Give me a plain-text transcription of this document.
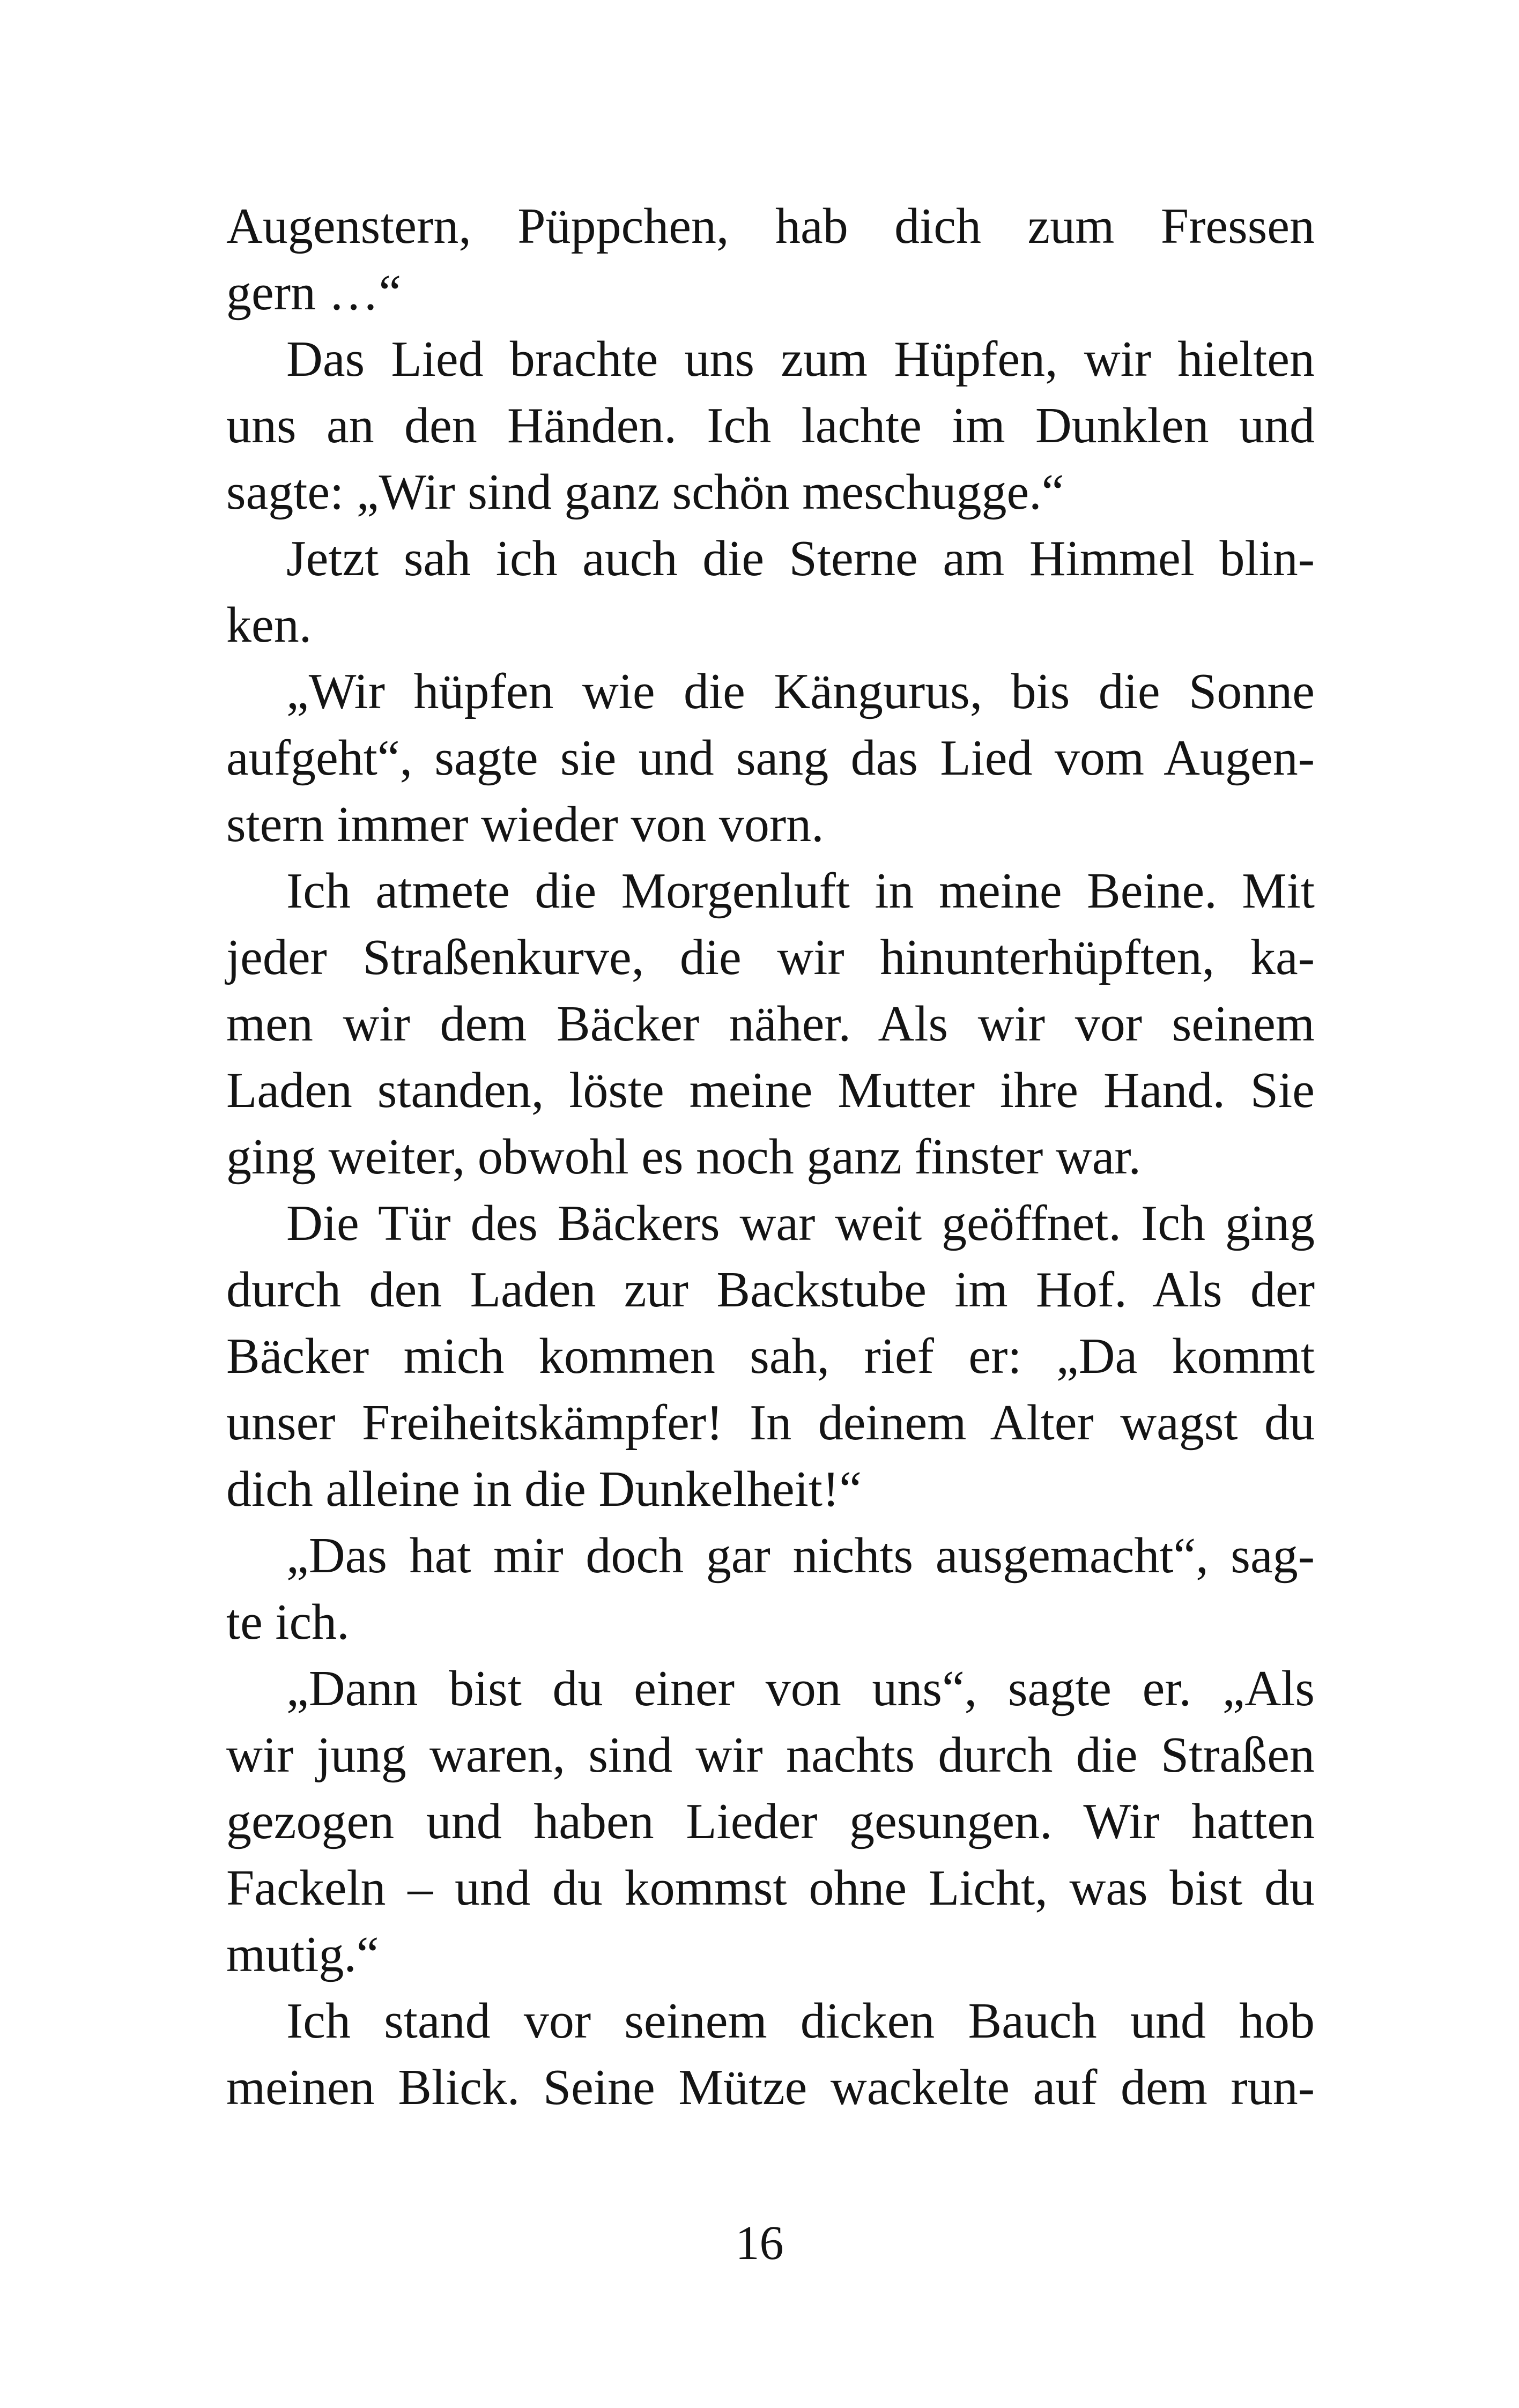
Augenstern, Püppchen, hab dich zum Fressen
gern …“
Das Lied brachte uns zum Hüpfen, wir hielten
uns an den Händen. Ich lachte im Dunklen und
sagte: „Wir sind ganz schön meschugge.“
Jetzt sah ich auch die Sterne am Himmel blin-
ken.
„Wir hüpfen wie die Kängurus, bis die Sonne
aufgeht“, sagte sie und sang das Lied vom Augen-
stern immer wieder von vorn.
Ich atmete die Morgenluft in meine Beine. Mit
jeder Straßenkurve, die wir hinunterhüpften, ka-
men wir dem Bäcker näher. Als wir vor seinem
Laden standen, löste meine Mutter ihre Hand. Sie
ging weiter, obwohl es noch ganz finster war.
Die Tür des Bäckers war weit geöffnet. Ich ging
durch den Laden zur Backstube im Hof. Als der
Bäcker mich kommen sah, rief er: „Da kommt
unser Freiheitskämpfer! In deinem Alter wagst du
dich alleine in die Dunkelheit!“
„Das hat mir doch gar nichts ausgemacht“, sag-
te ich.
„Dann bist du einer von uns“, sagte er. „Als
wir jung waren, sind wir nachts durch die Straßen
gezogen und haben Lieder gesungen. Wir hatten
Fackeln – und du kommst ohne Licht, was bist du
mutig.“
Ich stand vor seinem dicken Bauch und hob
meinen Blick. Seine Mütze wackelte auf dem run-
16
